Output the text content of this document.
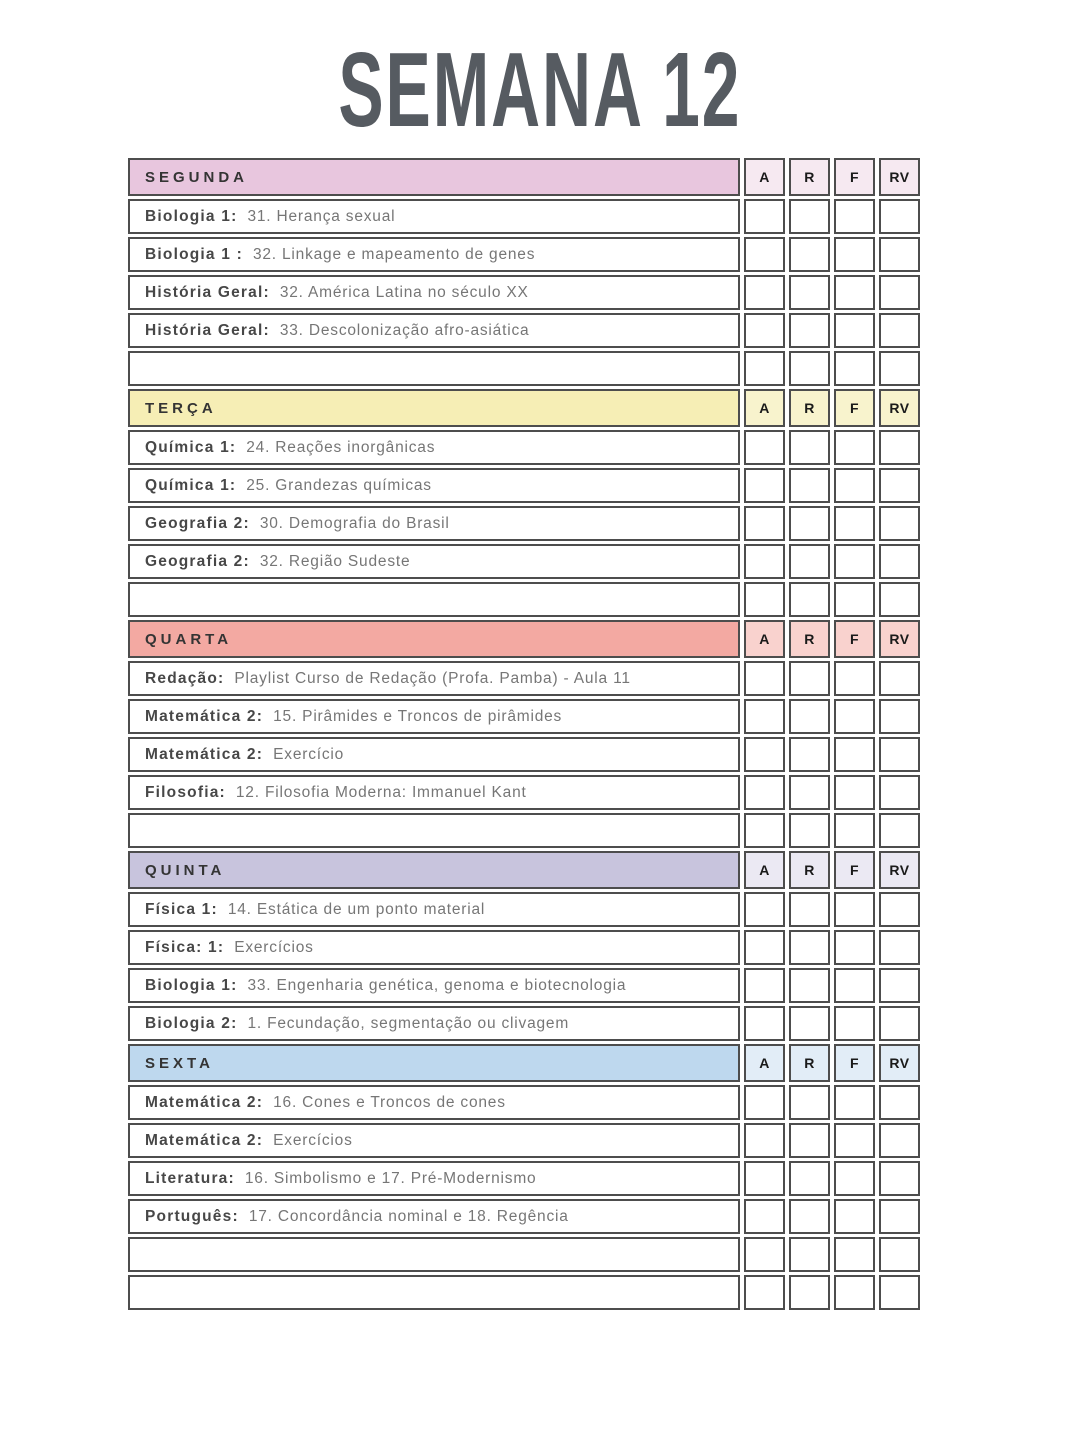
SEMANA 12
SEGUNDA	A	R	F	RV
Biologia 1: 31. Herança sexual				
Biologia 1 : 32. Linkage e mapeamento de genes				
História Geral: 32. América Latina no século XX				
História Geral: 33. Descolonização afro-asiática				

TERÇA	A	R	F	RV
Química 1: 24. Reações inorgânicas				
Química 1: 25. Grandezas químicas				
Geografia 2: 30. Demografia do Brasil				
Geografia 2: 32. Região Sudeste				

QUARTA	A	R	F	RV
Redação: Playlist Curso de Redação (Profa. Pamba) - Aula 11				
Matemática 2: 15. Pirâmides e Troncos de pirâmides				
Matemática 2: Exercício				
Filosofia: 12. Filosofia Moderna: Immanuel Kant				

QUINTA	A	R	F	RV
Física 1: 14. Estática de um ponto material				
Física: 1: Exercícios				
Biologia 1: 33. Engenharia genética, genoma e biotecnologia				
Biologia 2: 1. Fecundação, segmentação ou clivagem				
SEXTA	A	R	F	RV
Matemática 2: 16. Cones e Troncos de cones				
Matemática 2: Exercícios				
Literatura: 16. Simbolismo e 17. Pré-Modernismo				
Português: 17. Concordância nominal e 18. Regência				
